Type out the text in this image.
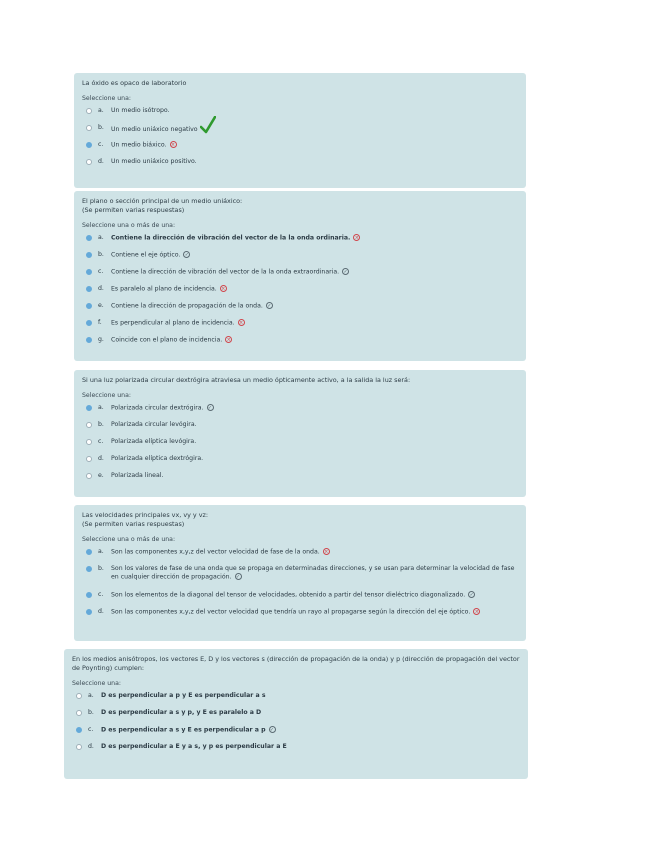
La óxido es opaco de laboratorio
Seleccione una:
a.	Un medio isótropo.
b.	Un medio uniáxico negativo
c.	Un medio biáxico. ×
d.	Un medio uniáxico positivo.
El plano o sección principal de un medio uniáxico:
(Se permiten varias respuestas)
Seleccione una o más de una:
a.	Contiene la dirección de vibración del vector de la la onda ordinaria. ×
b.	Contiene el eje óptico. ✓
c.	Contiene la dirección de vibración del vector de la la onda extraordinaria. ✓
d.	Es paralelo al plano de incidencia. ×
e.	Contiene la dirección de propagación de la onda. ✓
f.	Es perpendicular al plano de incidencia. ×
g.	Coincide con el plano de incidencia. ×
Si una luz polarizada circular dextrógira atraviesa un medio ópticamente activo, a la salida la luz será:
Seleccione una:
a.	Polarizada circular dextrógira. ✓
b.	Polarizada circular levógira.
c.	Polarizada elíptica levógira.
d.	Polarizada elíptica dextrógira.
e.	Polarizada lineal.
Las velocidades principales vx, vy y vz:
(Se permiten varias respuestas)
Seleccione una o más de una:
a.	Son las componentes x,y,z del vector velocidad de fase de la onda. ×
b.	Son los valores de fase de una onda que se propaga en determinadas direcciones, y se usan para determinar la velocidad de fase en cualquier dirección de propagación. ✓
c.	Son los elementos de la diagonal del tensor de velocidades, obtenido a partir del tensor dieléctrico diagonalizado. ✓
d.	Son las componentes x,y,z del vector velocidad que tendría un rayo al propagarse según la dirección del eje óptico. ×
En los medios anisótropos, los vectores E, D y los vectores s (dirección de propagación de la onda) y p (dirección de propagación del vector de Poynting) cumplen:
Seleccione una:
a.	D es perpendicular a p y E es perpendicular a s
b.	D es perpendicular a s y p, y E es paralelo a D
c.	D es perpendicular a s y E es perpendicular a p ✓
d.	D es perpendicular a E y a s, y p es perpendicular a E
